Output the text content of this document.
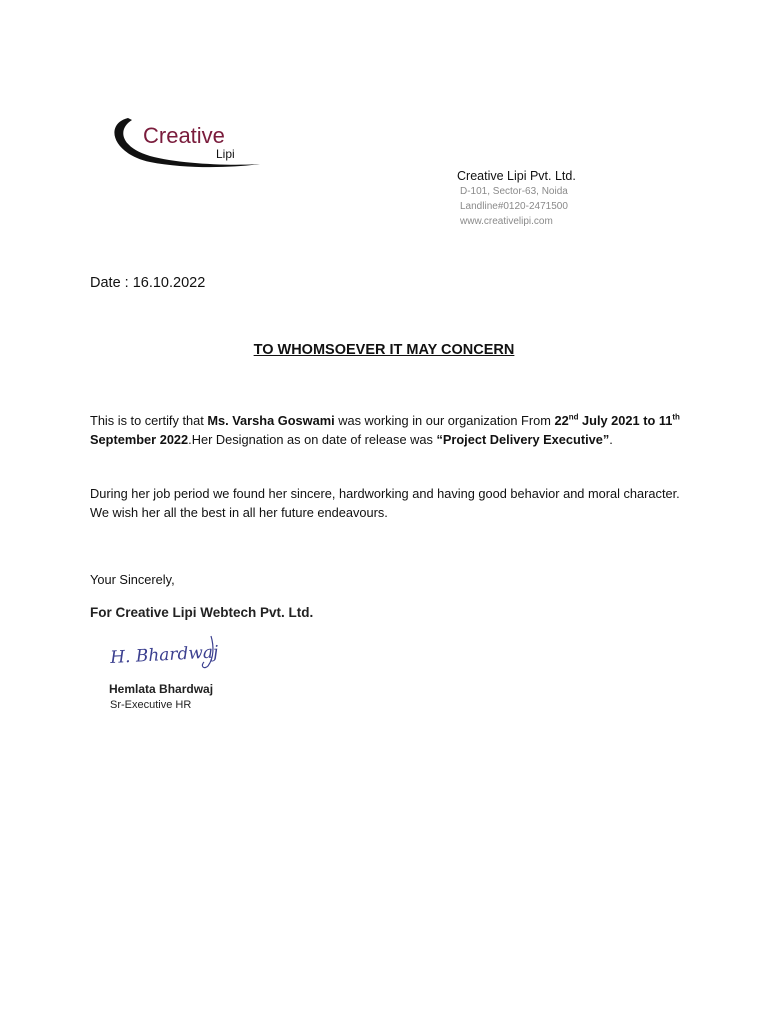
Creative
Lipi
Creative Lipi Pvt. Ltd.
D-101, Sector-63, Noida
Landline#0120-2471500
www.creativelipi.com
Date : 16.10.2022
TO WHOMSOEVER IT MAY CONCERN
This is to certify that Ms. Varsha Goswami was working in our organization From 22nd July 2021 to 11th September 2022.Her Designation as on date of release was “Project Delivery Executive”.
During her job period we found her sincere, hardworking and having good behavior and moral character. We wish her all the best in all her future endeavours.
Your Sincerely,
For Creative Lipi Webtech Pvt. Ltd.
H. Bhardwaj
Hemlata Bhardwaj
Sr-Executive HR
